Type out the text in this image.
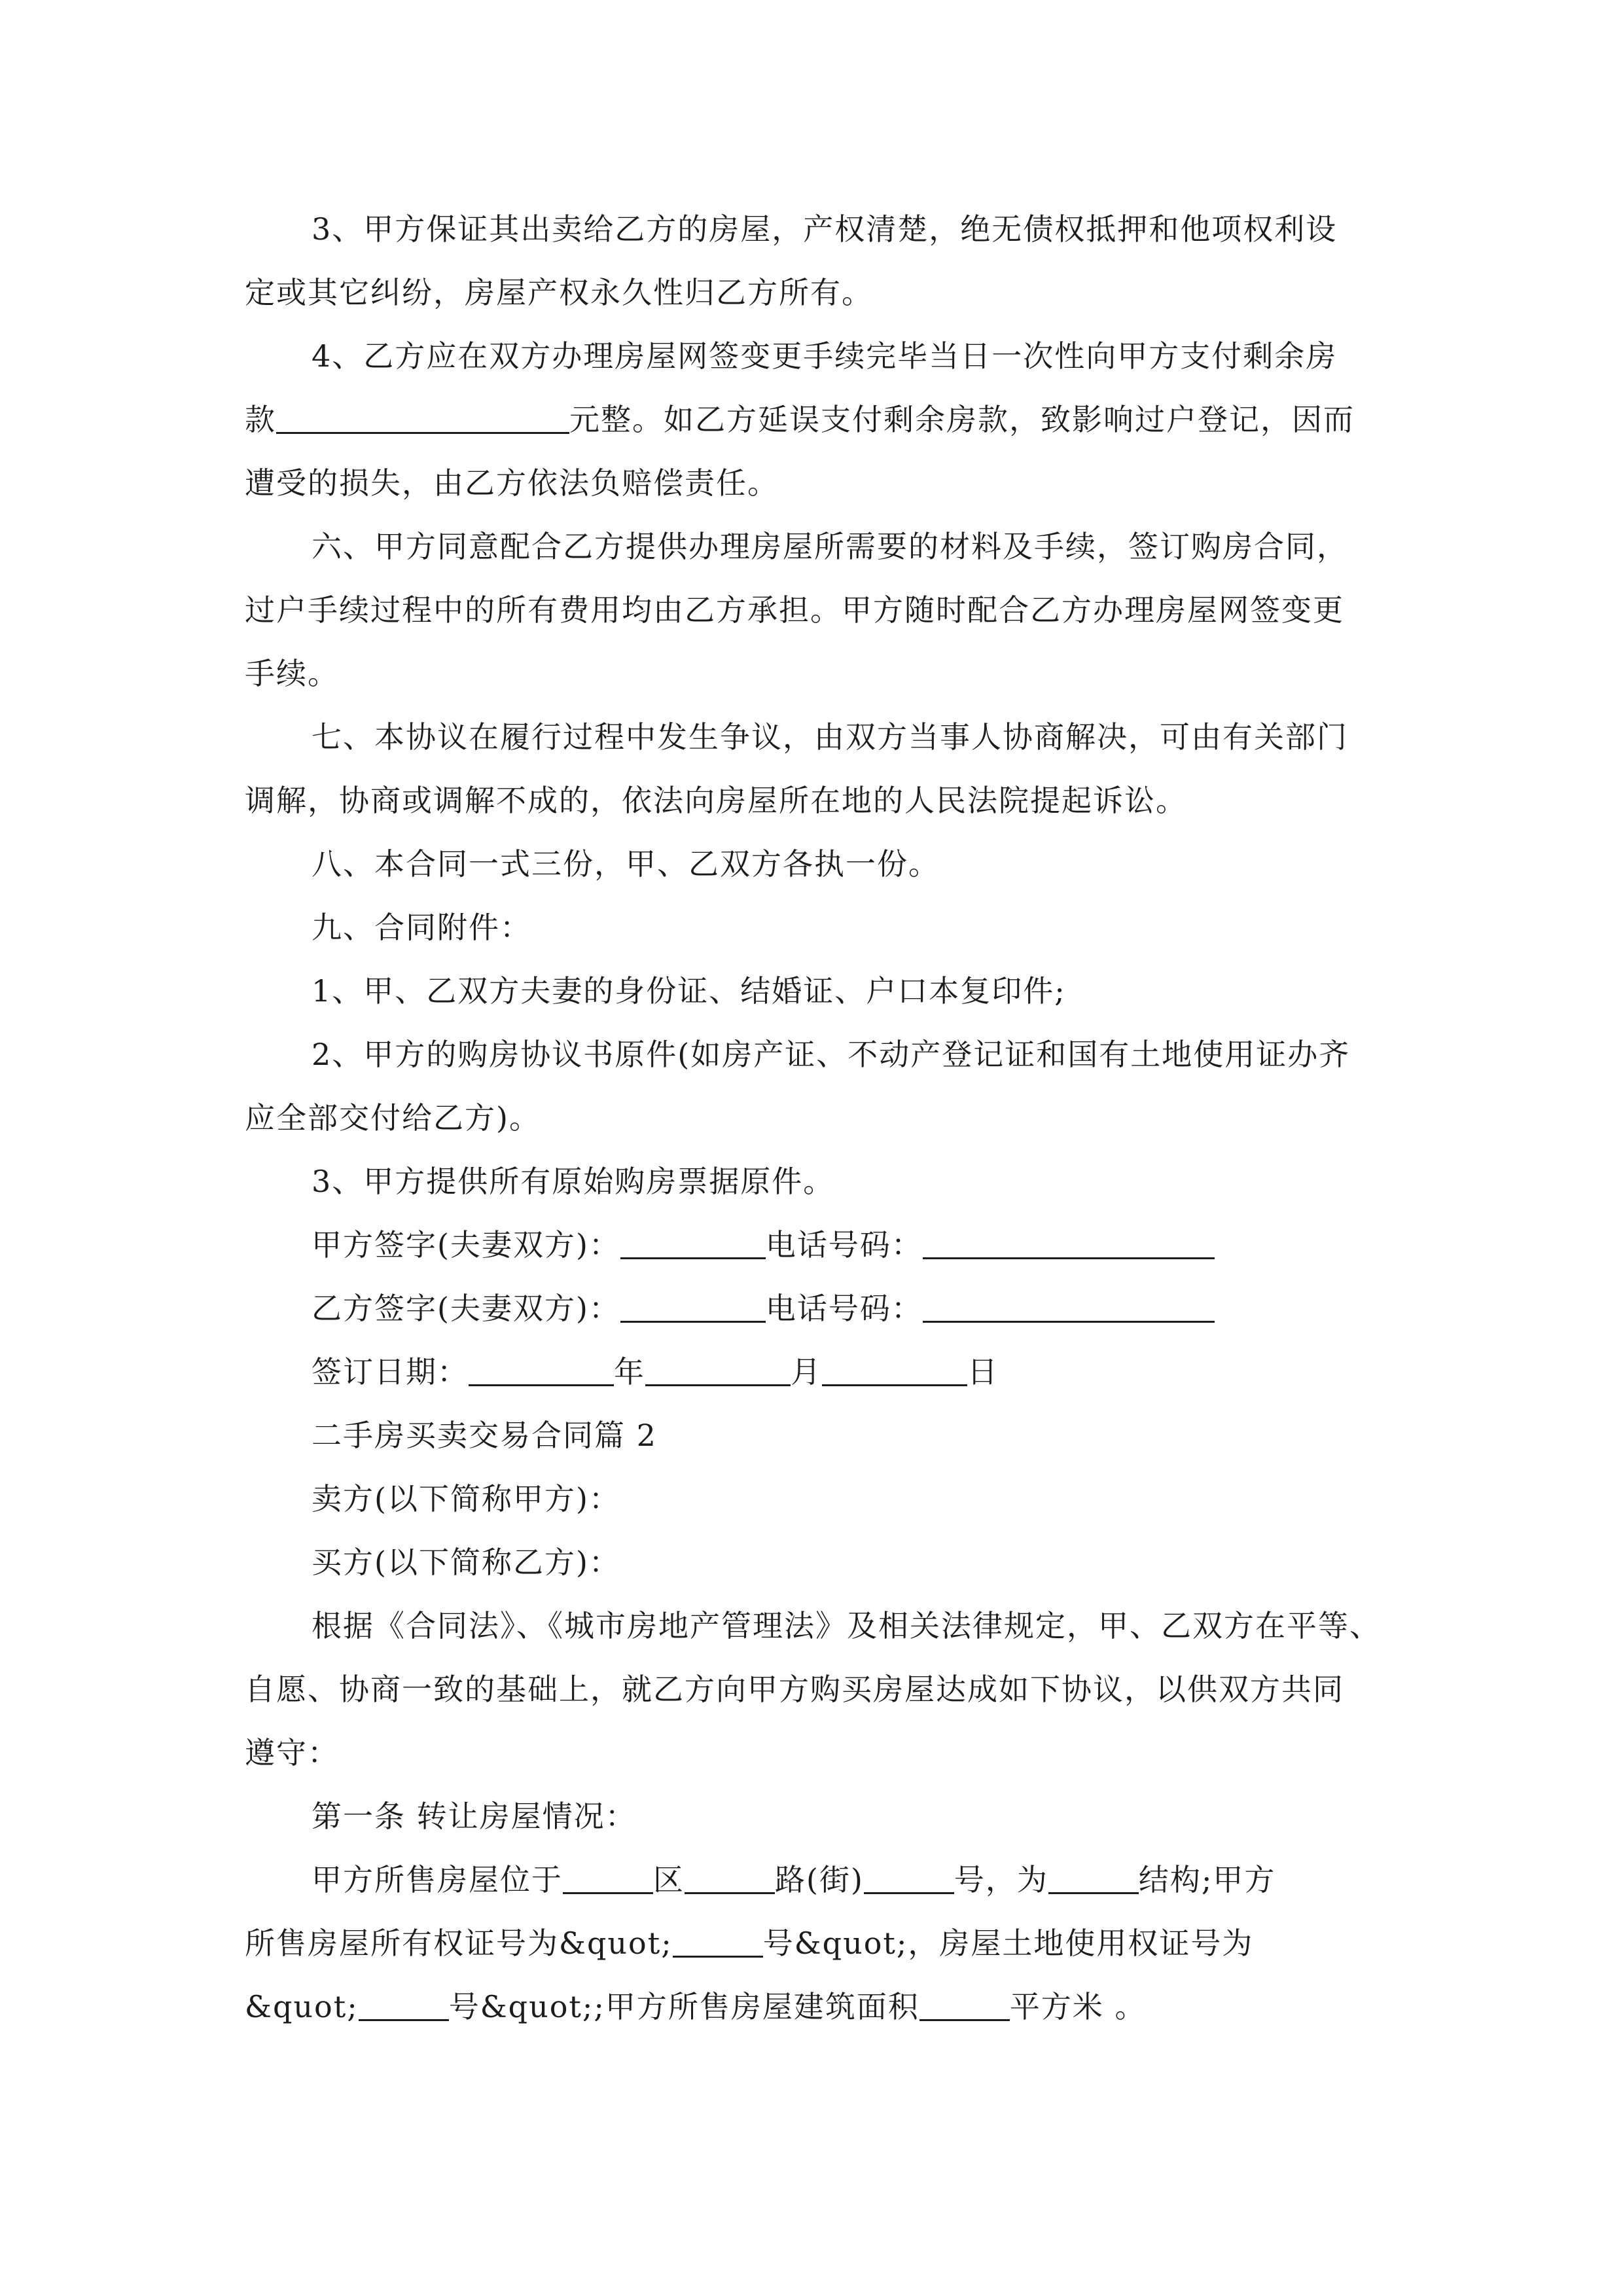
3、甲方保证其出卖给乙方的房屋，产权清楚，绝无债权抵押和他项权利设
定或其它纠纷，房屋产权永久性归乙方所有。
4、乙方应在双方办理房屋网签变更手续完毕当日一次性向甲方支付剩余房
款	元整。如乙方延误支付剩余房款，致影响过户登记，因而
遭受的损失，由乙方依法负赔偿责任。
六、甲方同意配合乙方提供办理房屋所需要的材料及手续，签订购房合同，
过户手续过程中的所有费用均由乙方承担。甲方随时配合乙方办理房屋网签变更
手续。
七、本协议在履行过程中发生争议，由双方当事人协商解决，可由有关部门
调解，协商或调解不成的，依法向房屋所在地的人民法院提起诉讼。
八、本合同一式三份，甲、乙双方各执一份。
九、合同附件：
1、甲、乙双方夫妻的身份证、结婚证、户口本复印件;
2、甲方的购房协议书原件(如房产证、不动产登记证和国有土地使用证办齐
应全部交付给乙方)。
3、甲方提供所有原始购房票据原件。
甲方签字(夫妻双方)：	电话号码：
乙方签字(夫妻双方)：	电话号码：
签订日期：	年	月	日
二手房买卖交易合同篇 2
卖方(以下简称甲方)：
买方(以下简称乙方)：
根据《合同法》、《城市房地产管理法》及相关法律规定，甲、乙双方在平等、
自愿、协商一致的基础上，就乙方向甲方购买房屋达成如下协议，以供双方共同
遵守：
第一条 转让房屋情况：
甲方所售房屋位于	区	路(街)	号，为	结构;甲方
所售房屋所有权证号为&quot;	号&quot;，房屋土地使用权证号为
&quot;	号&quot;;甲方所售房屋建筑面积	平方米 。
